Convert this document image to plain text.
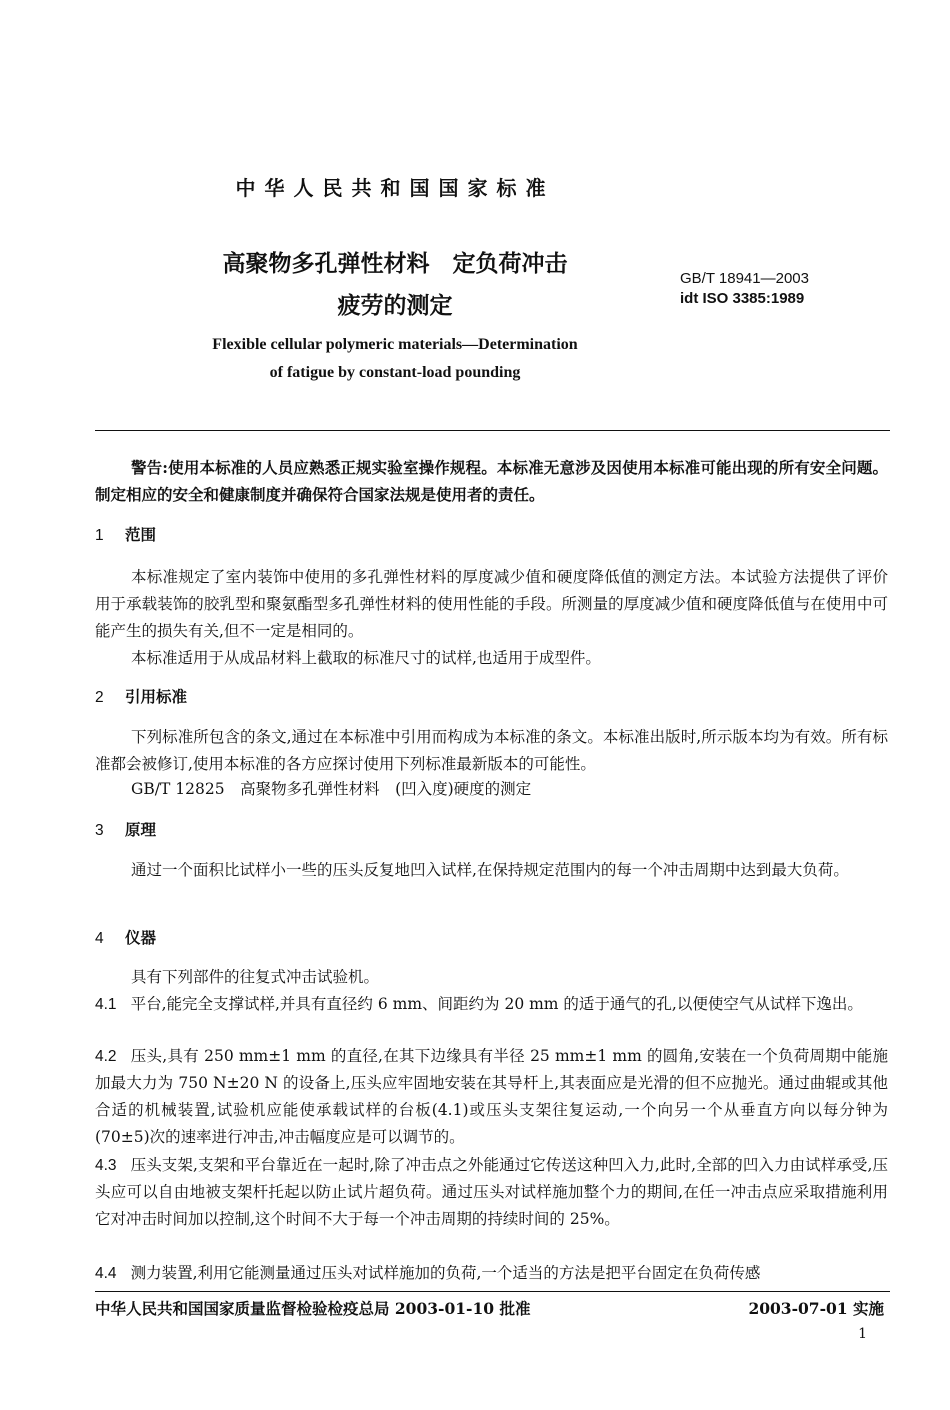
中华人民共和国国家标准
高聚物多孔弹性材料　定负荷冲击
疲劳的测定
GB/T 18941—2003
idt ISO 3385:1989
Flexible cellular polymeric materials—Determination
of fatigue by constant-load pounding
警告:使用本标准的人员应熟悉正规实验室操作规程。本标准无意涉及因使用本标准可能出现的所有安全问题。制定相应的安全和健康制度并确保符合国家法规是使用者的责任。
1 范围
本标准规定了室内装饰中使用的多孔弹性材料的厚度减少值和硬度降低值的测定方法。本试验方法提供了评价用于承载装饰的胶乳型和聚氨酯型多孔弹性材料的使用性能的手段。所测量的厚度减少值和硬度降低值与在使用中可能产生的损失有关,但不一定是相同的。
本标准适用于从成品材料上截取的标准尺寸的试样,也适用于成型件。
2 引用标准
下列标准所包含的条文,通过在本标准中引用而构成为本标准的条文。本标准出版时,所示版本均为有效。所有标准都会被修订,使用本标准的各方应探讨使用下列标准最新版本的可能性。
GB/T 12825　高聚物多孔弹性材料　(凹入度)硬度的测定
3 原理
通过一个面积比试样小一些的压头反复地凹入试样,在保持规定范围内的每一个冲击周期中达到最大负荷。
4 仪器
具有下列部件的往复式冲击试验机。
4.1 平台,能完全支撑试样,并具有直径约 6 mm、间距约为 20 mm 的适于通气的孔,以便使空气从试样下逸出。
4.2 压头,具有 250 mm±1 mm 的直径,在其下边缘具有半径 25 mm±1 mm 的圆角,安装在一个负荷周期中能施加最大力为 750 N±20 N 的设备上,压头应牢固地安装在其导杆上,其表面应是光滑的但不应抛光。通过曲辊或其他合适的机械装置,试验机应能使承载试样的台板(4.1)或压头支架往复运动,一个向另一个从垂直方向以每分钟为(70±5)次的速率进行冲击,冲击幅度应是可以调节的。
4.3 压头支架,支架和平台靠近在一起时,除了冲击点之外能通过它传送这种凹入力,此时,全部的凹入力由试样承受,压头应可以自由地被支架杆托起以防止试片超负荷。通过压头对试样施加整个力的期间,在任一冲击点应采取措施利用它对冲击时间加以控制,这个时间不大于每一个冲击周期的持续时间的 25%。
4.4 测力装置,利用它能测量通过压头对试样施加的负荷,一个适当的方法是把平台固定在负荷传感
中华人民共和国国家质量监督检验检疫总局 2003-01-10 批准	2003-07-01 实施
1
